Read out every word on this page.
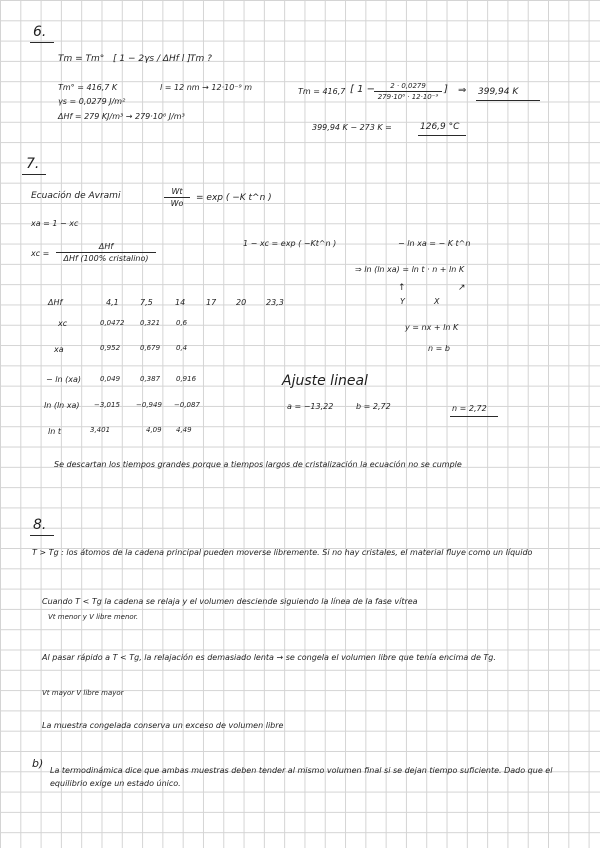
6.
Tm = Tm° [ 1 − 2γs / ΔHf l ] Tm ?
Tm° = 416,7 K
γs = 0,0279 J/m²
ΔHf = 279 KJ/m³ → 279·10⁶ J/m³
l = 12 nm → 12·10⁻⁹ m	Tm = 416,7 [ 1 −	2 · 0,0279
279·10⁶ · 12·10⁻⁹
] ⇒ 399,94 K
399,94 K − 273 K =	126,9 °C
7.
Ecuación de Avrami	Wt
Wo
= exp ( −K t^n )
xa = 1 − xc
xc =
ΔHf
ΔHf (100% cristalino)
1 − xc = exp ( −Kt^n )	− ln xa = − K t^n
⇒ ln (ln xa) = ln t · n + ln K
↑	↗
Y	X
y = nx + ln K
n = b
ΔHf	4,1	7,5	14	17 20 23,3
xc	0,0472 0,321 0,6
xa	0,952	0,679 0,4
− ln (xa)	0,049	0,387 0,916
ln (ln xa) −3,015 −0,949 −0,087
ln t	3,401	4,09 4,49
Ajuste lineal
a = −13,22	b = 2,72	n = 2,72
Se descartan los tiempos grandes porque a tiempos largos de cristalización la ecuación no se cumple
8.
T > Tg : los átomos de la cadena principal pueden moverse libremente. Si no hay cristales, el material fluye como un líquido
Cuando T < Tg la cadena se relaja y el volumen desciende siguiendo la línea de la fase vítrea
Vt menor y V libre menor.
Al pasar rápido a T < Tg, la relajación es demasiado lenta → se congela el volumen libre que tenía encima de Tg.
Vt mayor V libre mayor
La muestra congelada conserva un exceso de volumen libre
b)
La termodinámica dice que ambas muestras deben tender al mismo volumen final si se dejan tiempo suficiente. Dado que el equilibrio exige un estado único.
